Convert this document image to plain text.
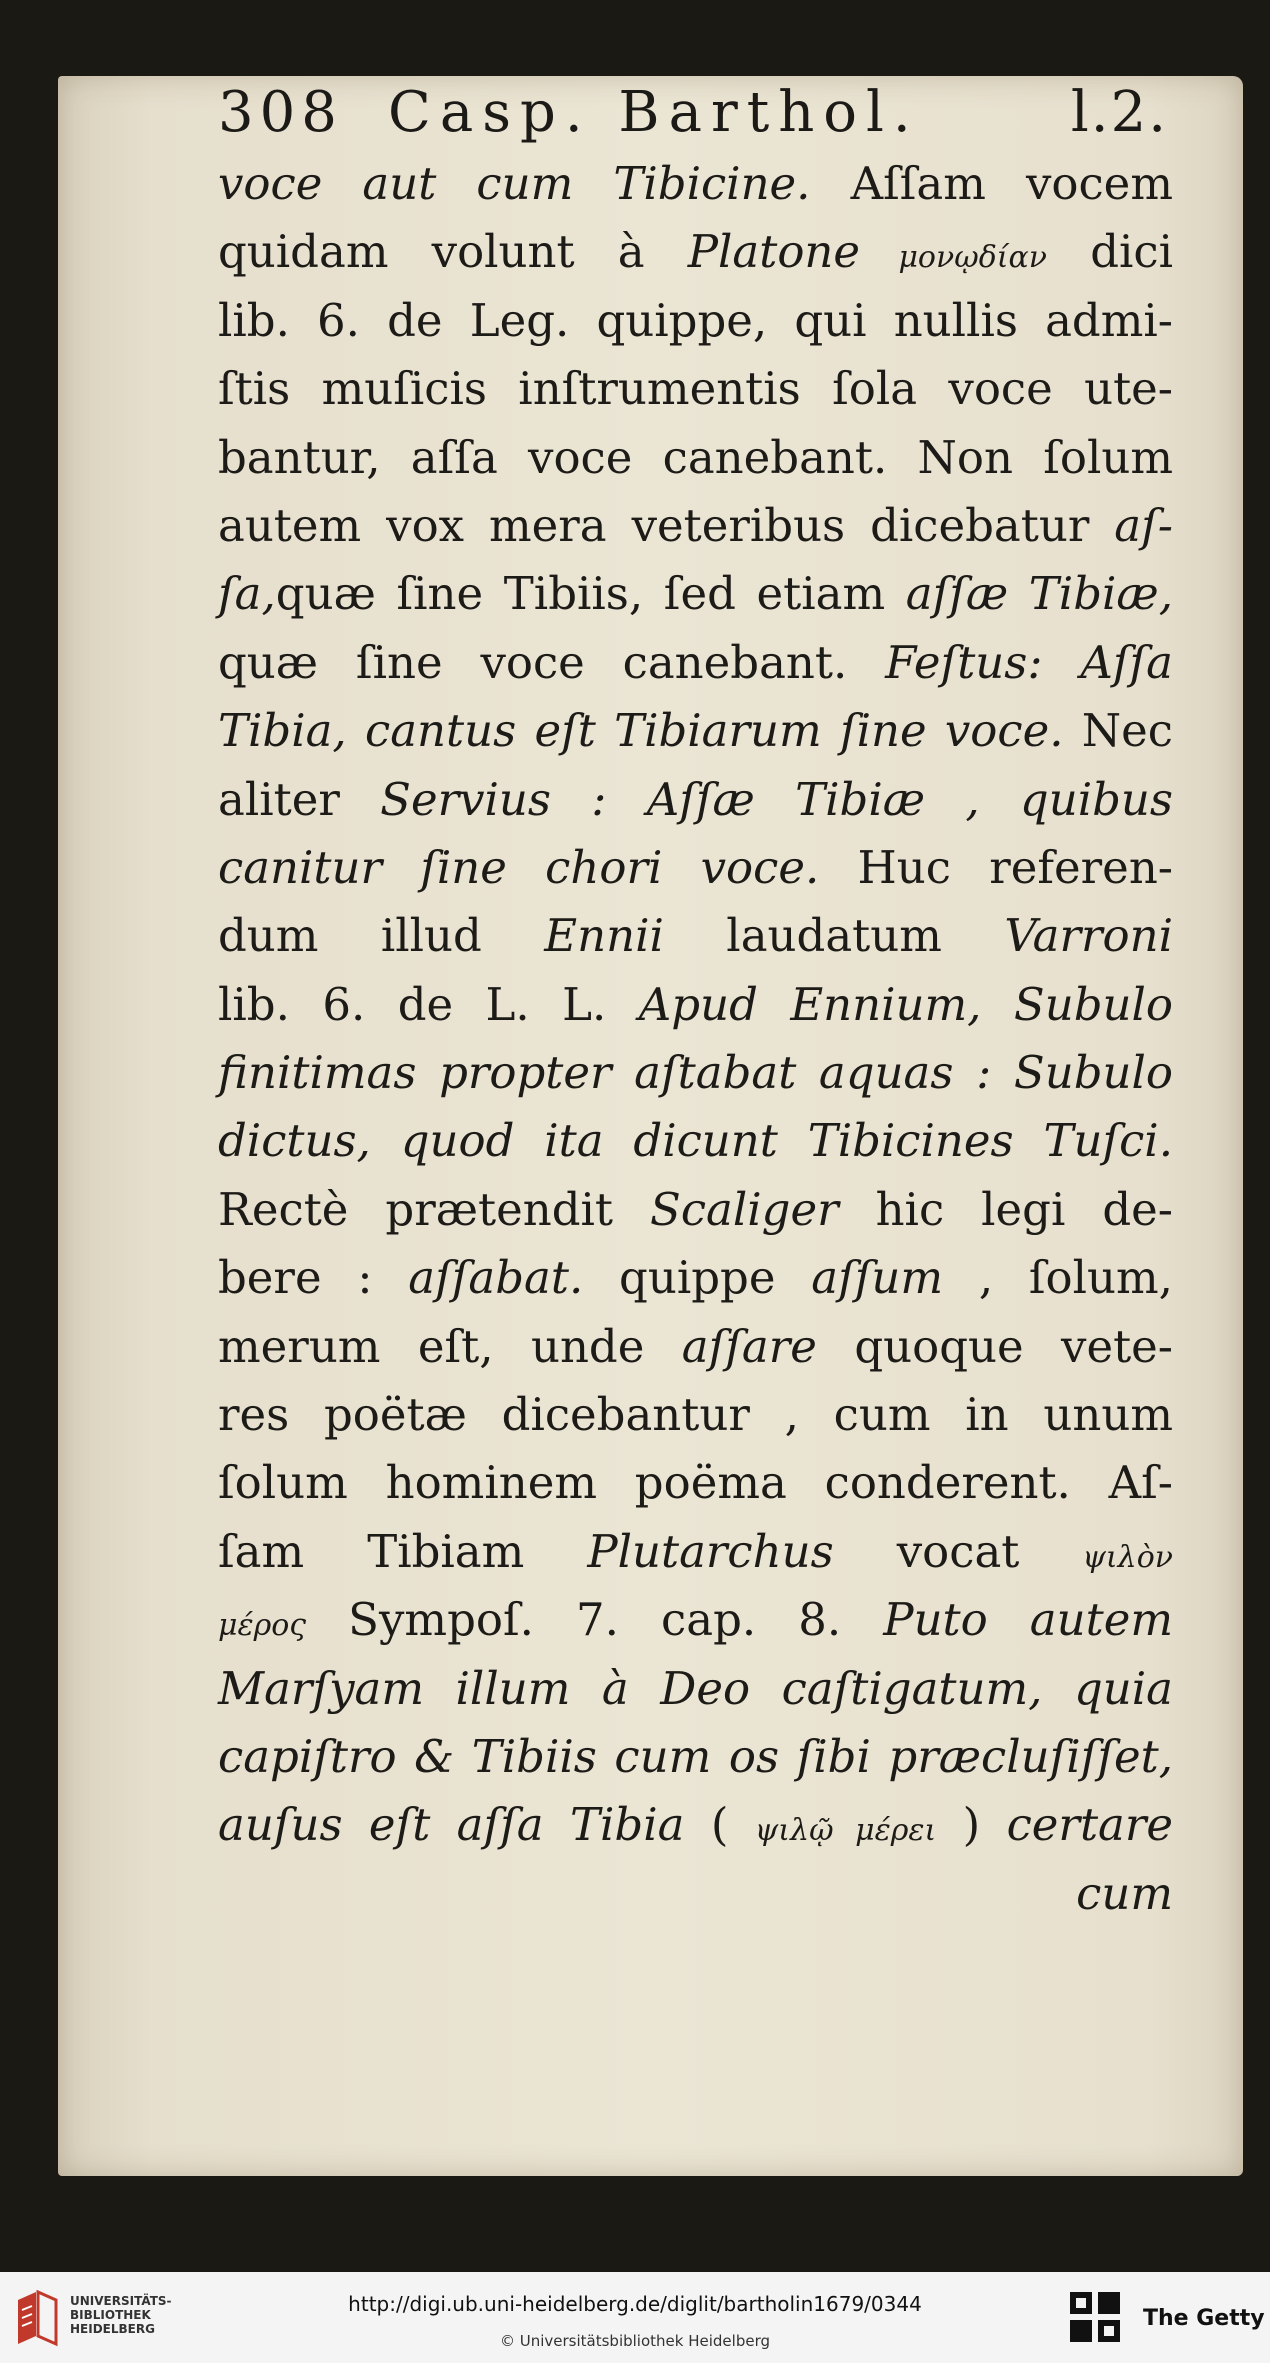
308 Casp. Barthol.	l.2.
voce aut cum Tibicine. Aſſam vocem
quidam volunt à Platone μονῳδίαν dici
lib. 6. de Leg. quippe, qui nullis admi-
ſtis muſicis inſtrumentis ſola voce ute-
bantur, aſſa voce canebant. Non ſolum
autem vox mera veteribus dicebatur aſ-
ſa,quæ ſine Tibiis, ſed etiam aſſæ Tibiæ,
quæ ſine voce canebant. Feſtus: Aſſa
Tibia, cantus eſt Tibiarum ſine voce. Nec
aliter Servius : Aſſæ Tibiæ , quibus
canitur ſine chori voce. Huc referen-
dum illud Ennii laudatum Varroni
lib. 6. de L. L. Apud Ennium, Subulo
finitimas propter aſtabat aquas : Subulo
dictus, quod ita dicunt Tibicines Tuſci.
Rectè prætendit Scaliger hic legi de-
bere : aſſabat. quippe aſſum , ſolum,
merum eſt, unde aſſare quoque vete-
res poëtæ dicebantur , cum in unum
ſolum hominem poëma conderent. Aſ-
ſam Tibiam Plutarchus vocat ψιλὸν
μέρος Sympoſ. 7. cap. 8. Puto autem
Marſyam illum à Deo caſtigatum, quia
capiſtro & Tibiis cum os ſibi præcluſiſſet,
auſus eſt aſſa Tibia ( ψιλῷ μέρει ) certare
cum
UNIVERSITÄTS-
BIBLIOTHEK
HEIDELBERG
http://digi.ub.uni-heidelberg.de/diglit/bartholin1679/0344
© Universitätsbibliothek Heidelberg
The Getty
